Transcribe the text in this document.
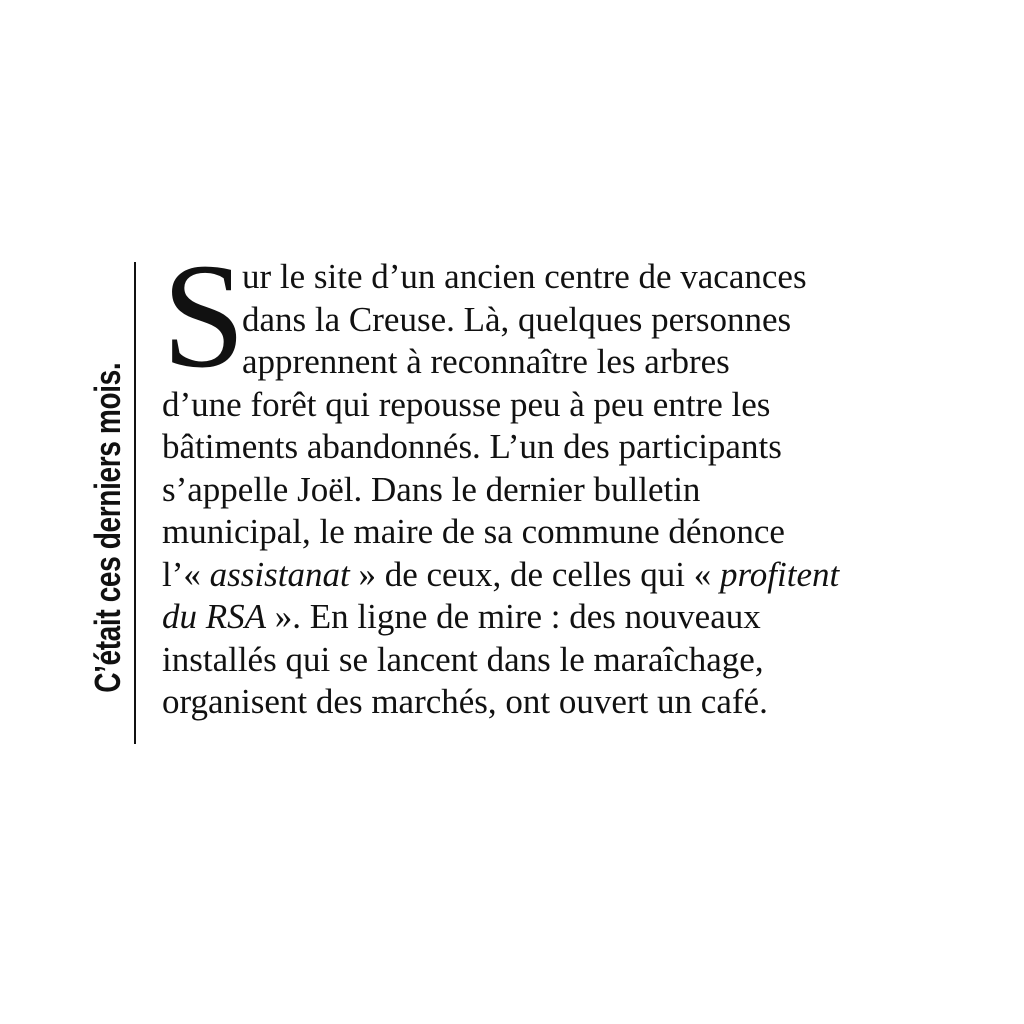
C’était ces derniers mois.
S
ur le site d’un ancien centre de vacances
dans la Creuse. Là, quelques personnes
apprennent à reconnaître les arbres
d’une forêt qui repousse peu à peu entre les
bâtiments abandonnés. L’un des participants
s’appelle Joël. Dans le dernier bulletin
municipal, le maire de sa commune dénonce
l’« assistanat » de ceux, de celles qui « profitent
du RSA ». En ligne de mire : des nouveaux
installés qui se lancent dans le maraîchage,
organisent des marchés, ont ouvert un café.
